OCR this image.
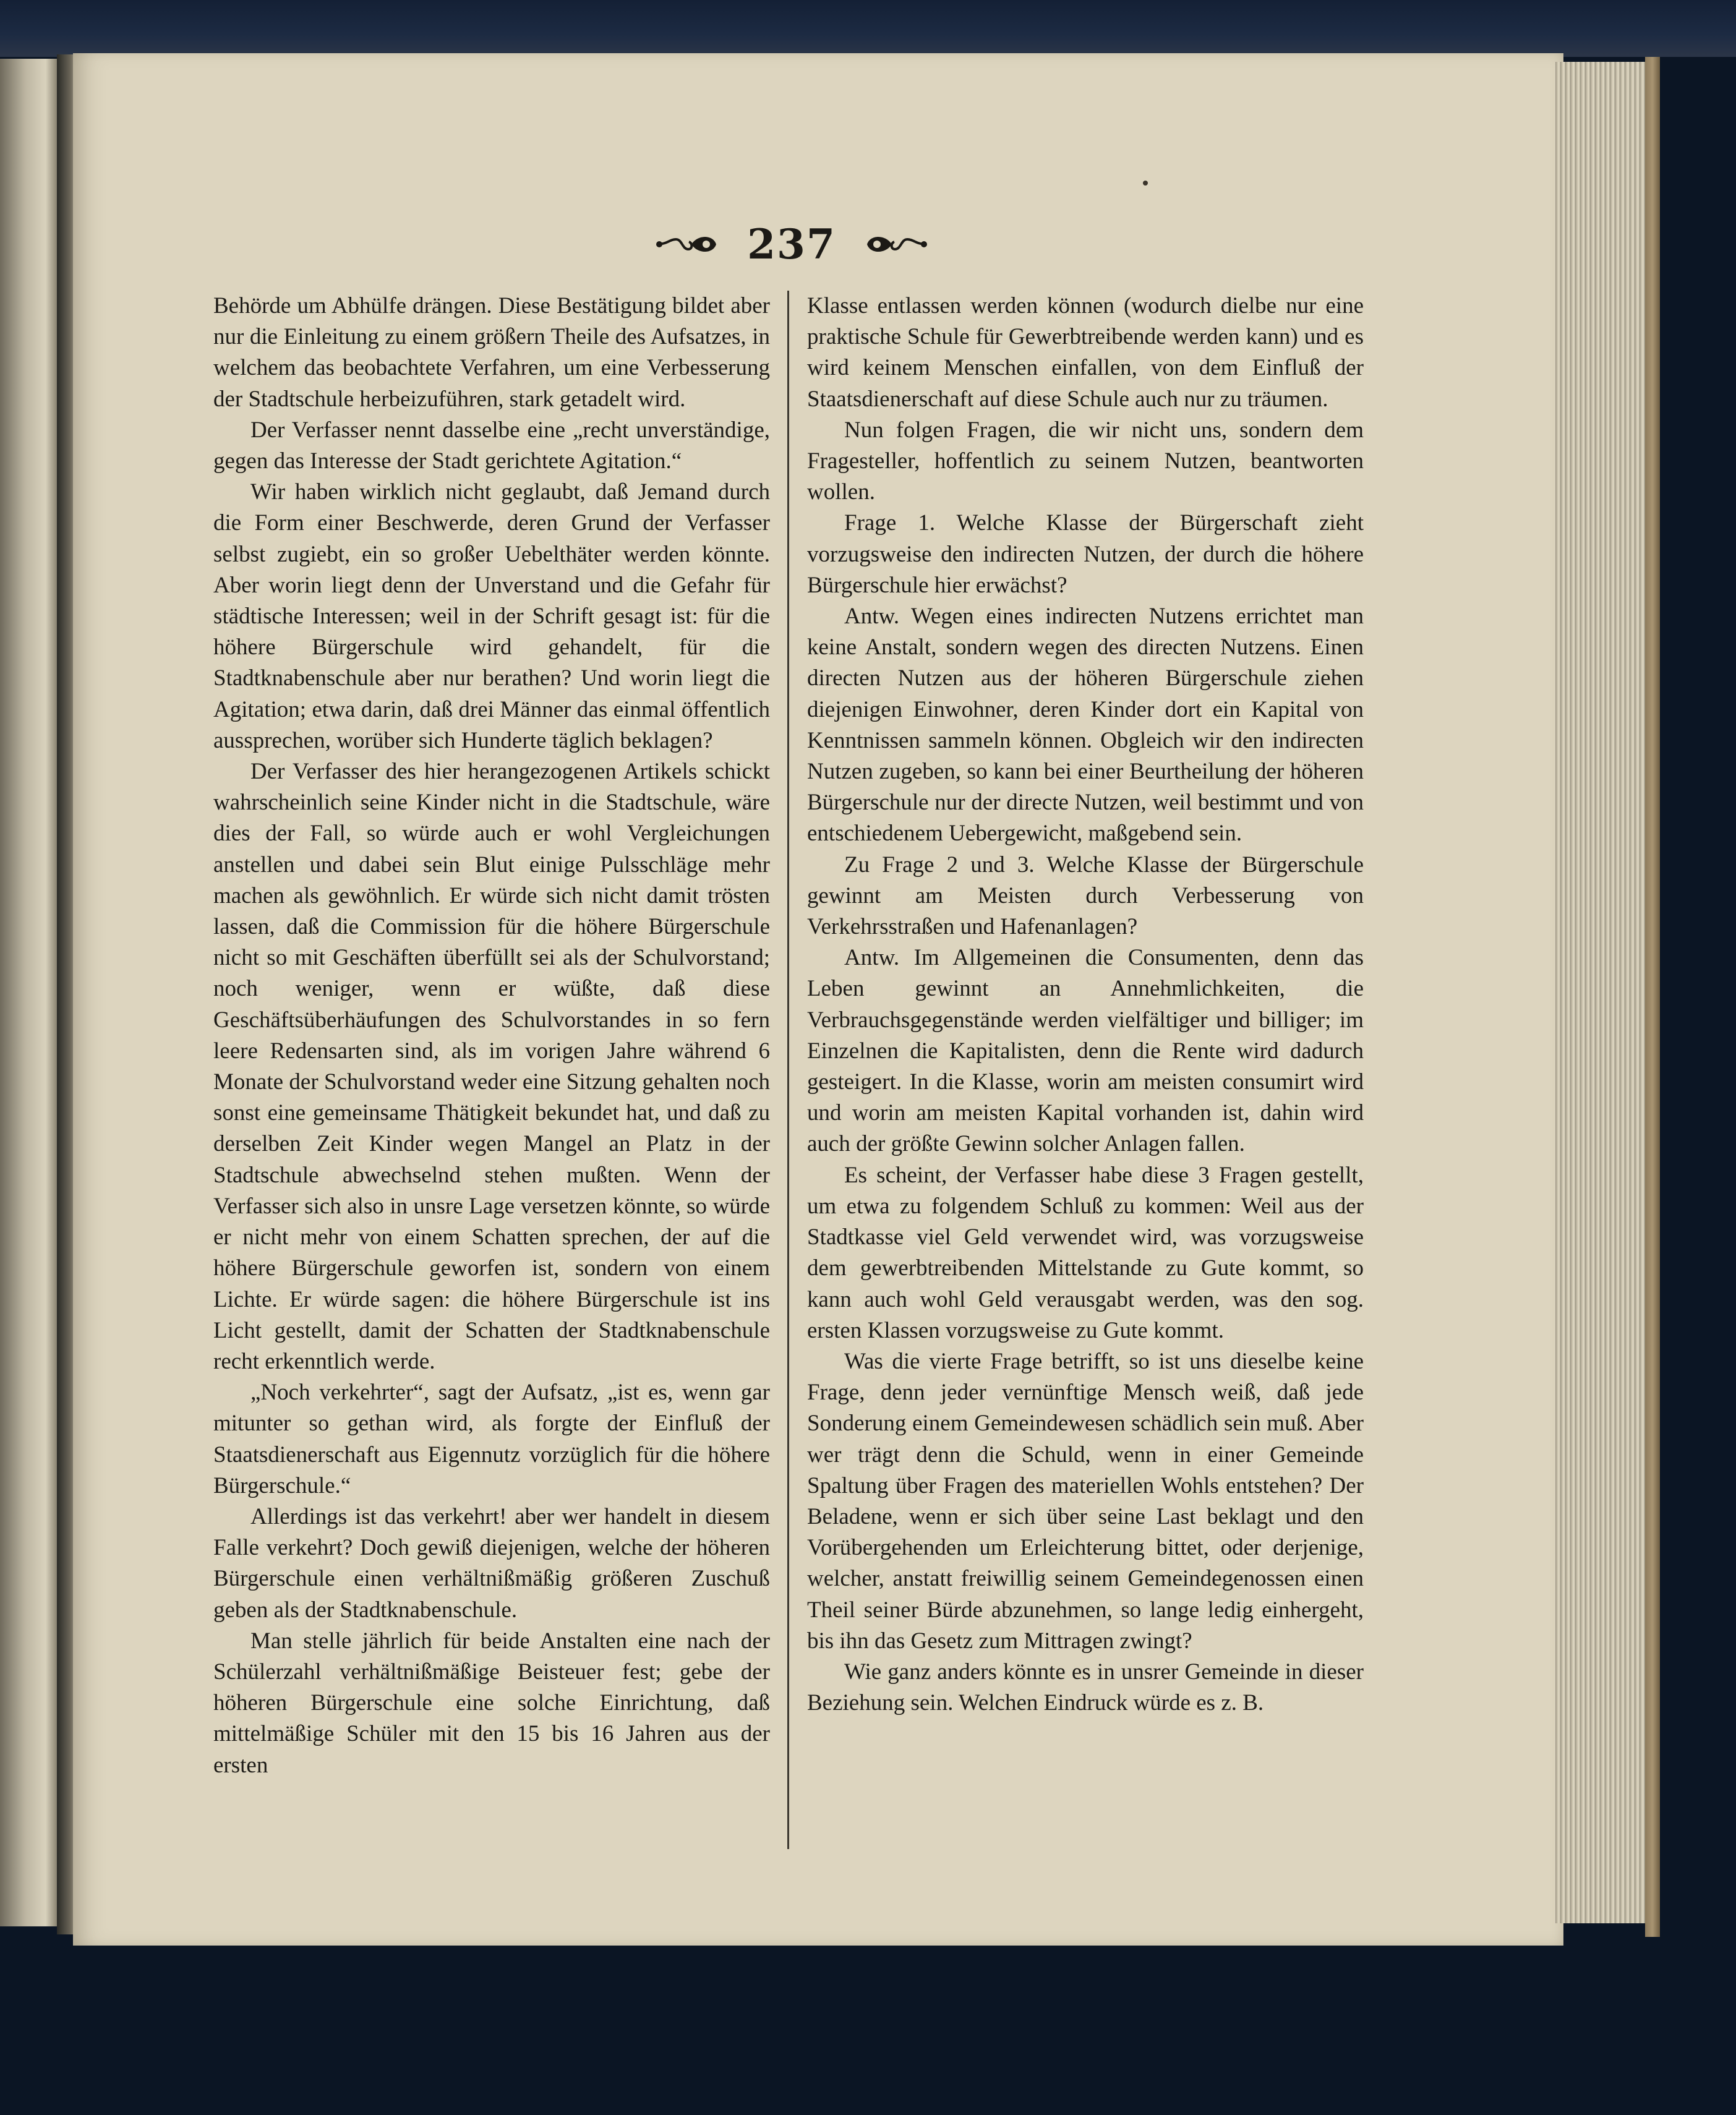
237

Behörde um Abhülfe drängen. Diese Bestätigung bildet aber nur die Einleitung zu einem größern Theile des Aufsatzes, in welchem das beobachtete Verfahren, um eine Verbesserung der Stadtschule herbeizuführen, stark getadelt wird.

Der Verfasser nennt dasselbe eine „recht unverständige, gegen das Interesse der Stadt gerichtete Agitation.“

Wir haben wirklich nicht geglaubt, daß Jemand durch die Form einer Beschwerde, deren Grund der Verfasser selbst zugiebt, ein so großer Uebelthäter werden könnte. Aber worin liegt denn der Unverstand und die Gefahr für städtische Interessen; weil in der Schrift gesagt ist: für die höhere Bürgerschule wird gehandelt, für die Stadtknabenschule aber nur berathen? Und worin liegt die Agitation; etwa darin, daß drei Männer das einmal öffentlich aussprechen, worüber sich Hunderte täglich beklagen?

Der Verfasser des hier herangezogenen Artikels schickt wahrscheinlich seine Kinder nicht in die Stadtschule, wäre dies der Fall, so würde auch er wohl Vergleichungen anstellen und dabei sein Blut einige Pulsschläge mehr machen als gewöhnlich. Er würde sich nicht damit trösten lassen, daß die Commission für die höhere Bürgerschule nicht so mit Geschäften überfüllt sei als der Schulvorstand; noch weniger, wenn er wüßte, daß diese Geschäftsüberhäufungen des Schulvorstandes in so fern leere Redensarten sind, als im vorigen Jahre während 6 Monate der Schulvorstand weder eine Sitzung gehalten noch sonst eine gemeinsame Thätigkeit bekundet hat, und daß zu derselben Zeit Kinder wegen Mangel an Platz in der Stadtschule abwechselnd stehen mußten. Wenn der Verfasser sich also in unsre Lage versetzen könnte, so würde er nicht mehr von einem Schatten sprechen, der auf die höhere Bürgerschule geworfen ist, sondern von einem Lichte. Er würde sagen: die höhere Bürgerschule ist ins Licht gestellt, damit der Schatten der Stadtknabenschule recht erkenntlich werde.

„Noch verkehrter“, sagt der Aufsatz, „ist es, wenn gar mitunter so gethan wird, als forgte der Einfluß der Staatsdienerschaft aus Eigennutz vorzüglich für die höhere Bürgerschule.“

Allerdings ist das verkehrt! aber wer handelt in diesem Falle verkehrt? Doch gewiß diejenigen, welche der höheren Bürgerschule einen verhältnißmäßig größeren Zuschuß geben als der Stadtknabenschule.

Man stelle jährlich für beide Anstalten eine nach der Schülerzahl verhältnißmäßige Beisteuer fest; gebe der höheren Bürgerschule eine solche Einrichtung, daß mittelmäßige Schüler mit den 15 bis 16 Jahren aus der ersten

Klasse entlassen werden können (wodurch dielbe nur eine praktische Schule für Gewerbtreibende werden kann) und es wird keinem Menschen einfallen, von dem Einfluß der Staatsdienerschaft auf diese Schule auch nur zu träumen.

Nun folgen Fragen, die wir nicht uns, sondern dem Fragesteller, hoffentlich zu seinem Nutzen, beantworten wollen.

Frage 1. Welche Klasse der Bürgerschaft zieht vorzugsweise den indirecten Nutzen, der durch die höhere Bürgerschule hier erwächst?

Antw. Wegen eines indirecten Nutzens errichtet man keine Anstalt, sondern wegen des directen Nutzens. Einen directen Nutzen aus der höheren Bürgerschule ziehen diejenigen Einwohner, deren Kinder dort ein Kapital von Kenntnissen sammeln können. Obgleich wir den indirecten Nutzen zugeben, so kann bei einer Beurtheilung der höheren Bürgerschule nur der directe Nutzen, weil bestimmt und von entschiedenem Uebergewicht, maßgebend sein.

Zu Frage 2 und 3. Welche Klasse der Bürgerschule gewinnt am Meisten durch Verbesserung von Verkehrsstraßen und Hafenanlagen?

Antw. Im Allgemeinen die Consumenten, denn das Leben gewinnt an Annehmlichkeiten, die Verbrauchsgegenstände werden vielfältiger und billiger; im Einzelnen die Kapitalisten, denn die Rente wird dadurch gesteigert. In die Klasse, worin am meisten consumirt wird und worin am meisten Kapital vorhanden ist, dahin wird auch der größte Gewinn solcher Anlagen fallen.

Es scheint, der Verfasser habe diese 3 Fragen gestellt, um etwa zu folgendem Schluß zu kommen: Weil aus der Stadtkasse viel Geld verwendet wird, was vorzugsweise dem gewerbtreibenden Mittelstande zu Gute kommt, so kann auch wohl Geld verausgabt werden, was den sog. ersten Klassen vorzugsweise zu Gute kommt.

Was die vierte Frage betrifft, so ist uns dieselbe keine Frage, denn jeder vernünftige Mensch weiß, daß jede Sonderung einem Gemeindewesen schädlich sein muß. Aber wer trägt denn die Schuld, wenn in einer Gemeinde Spaltung über Fragen des materiellen Wohls entstehen? Der Beladene, wenn er sich über seine Last beklagt und den Vorübergehenden um Erleichterung bittet, oder derjenige, welcher, anstatt freiwillig seinem Gemeindegenossen einen Theil seiner Bürde abzunehmen, so lange ledig einhergeht, bis ihn das Gesetz zum Mittragen zwingt?

Wie ganz anders könnte es in unsrer Gemeinde in dieser Beziehung sein. Welchen Eindruck würde es z. B.
